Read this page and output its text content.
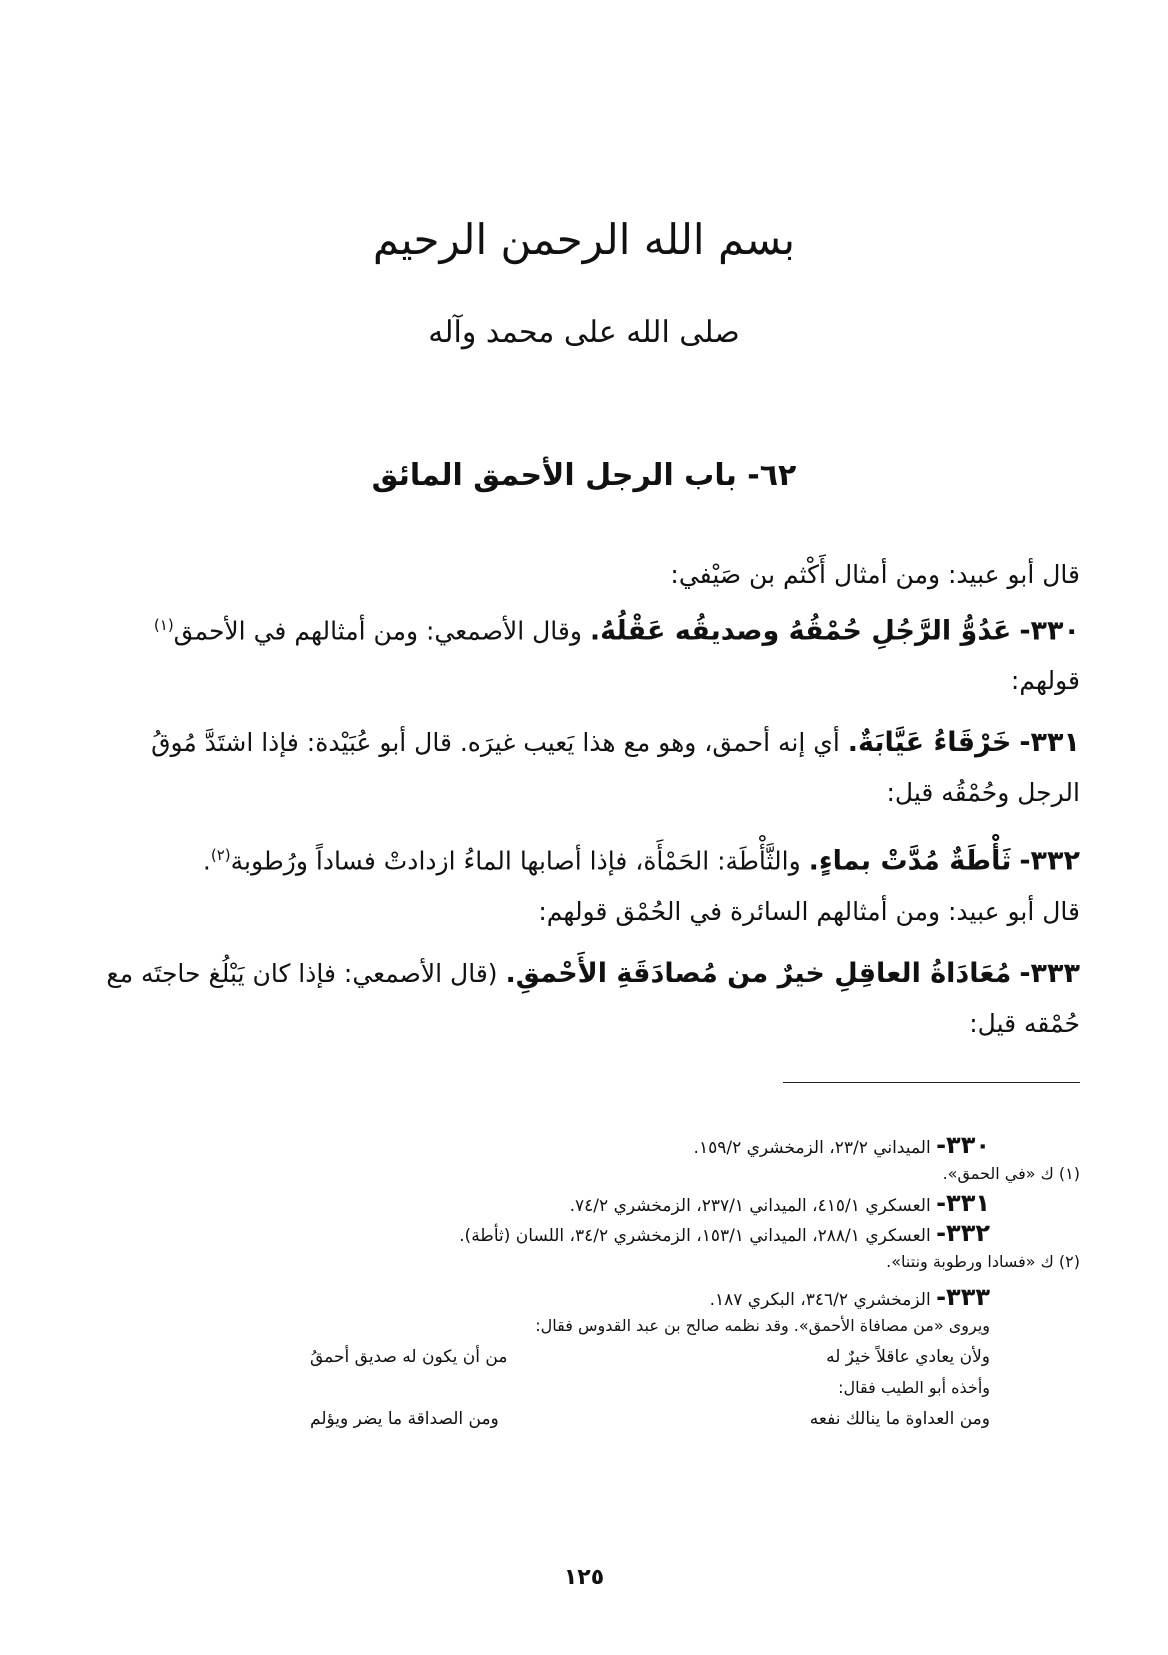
بسم الله الرحمن الرحيم
صلى الله على محمد وآله
٦٢- باب الرجل الأحمق المائق

قال أبو عبيد: ومن أمثال أَكْثم بن صَيْفي:

٣٣٠- عَدُوُّ الرَّجُلِ حُمْقُهُ وصديقُه عَقْلُهُ. وقال الأصمعي: ومن أمثالهم في الأحمق$^{(١)}$ قولهم:

٣٣١- خَرْقَاءُ عَيَّابَةٌ. أي إنه أحمق، وهو مع هذا يَعيب غيرَه. قال أبو عُبَيْدة: فإذا اشتَدَّ مُوقُ الرجل وحُمْقُه قيل:

٣٣٢- ثَأْطَةٌ مُدَّتْ بماءٍ. والثَّأْطَة: الحَمْأَة، فإذا أصابها الماءُ ازدادتْ فساداً ورُطوبة$^{(٢)}$.

قال أبو عبيد: ومن أمثالهم السائرة في الحُمْق قولهم:

٣٣٣- مُعَادَاةُ العاقِلِ خيرٌ من مُصادَقَةِ الأَحْمقِ. (قال الأصمعي: فإذا كان يَبْلُغ حاجتَه مع حُمْقه قيل:

٣٣٠- الميداني ٢٣/٢، الزمخشري ١٥٩/٢.
(١) ك «في الحمق».
٣٣١- العسكري ٤١٥/١، الميداني ٢٣٧/١، الزمخشري ٧٤/٢.
٣٣٢- العسكري ٢٨٨/١، الميداني ١٥٣/١، الزمخشري ٣٤/٢، اللسان (ثأطة).
(٢) ك «فسادا ورطوبة ونتنا».
٣٣٣- الزمخشري ٣٤٦/٢، البكري ١٨٧.
ويروى «من مصافاة الأحمق». وقد نظمه صالح بن عبد القدوس فقال:
ولأن يعادي عاقلاً خيرٌ له
من أن يكون له صديق أحمقُ
وأخذه أبو الطيب فقال:
ومن العداوة ما ينالك نفعه
ومن الصداقة ما يضر ويؤلم
١٢٥
